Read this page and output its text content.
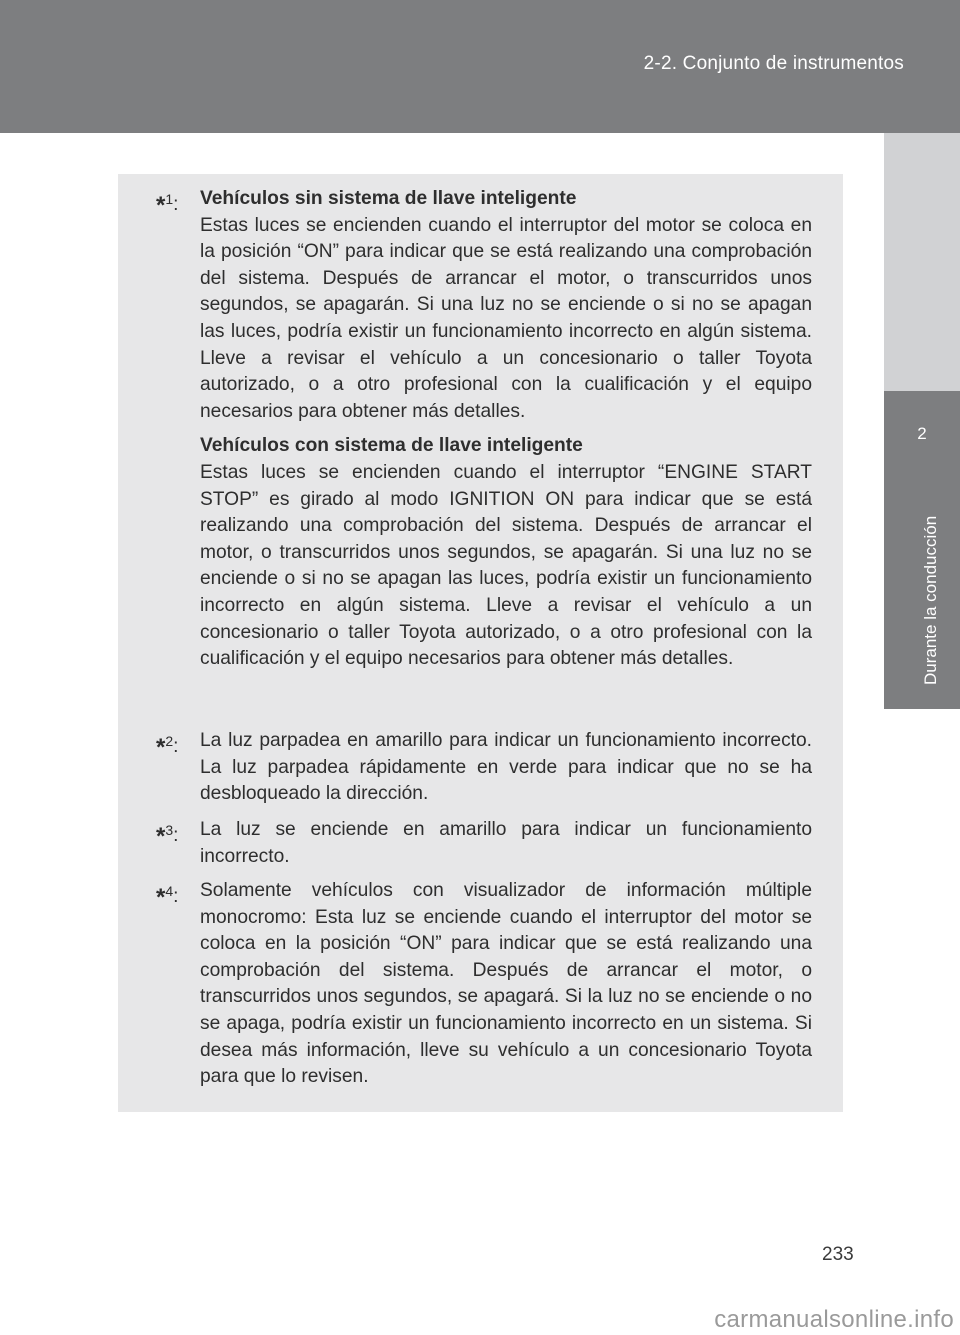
2-2. Conjunto de instrumentos
2
Durante la conducción
*$^1$: Vehículos sin sistema de llave inteligente

Estas luces se encienden cuando el interruptor del motor se coloca en la posición “ON” para indicar que se está realizando una comprobación del sistema. Después de arrancar el motor, o transcurridos unos segundos, se apagarán. Si una luz no se enciende o si no se apagan las luces, podría existir un funcionamiento incorrecto en algún sistema. Lleve a revisar el vehículo a un concesionario o taller Toyota autorizado, o a otro profesional con la cualificación y el equipo necesarios para obtener más detalles.

Vehículos con sistema de llave inteligente

Estas luces se encienden cuando el interruptor “ENGINE START STOP” es girado al modo IGNITION ON para indicar que se está realizando una comprobación del sistema. Después de arrancar el motor, o transcurridos unos segundos, se apagarán. Si una luz no se enciende o si no se apagan las luces, podría existir un funcionamiento incorrecto en algún sistema. Lleve a revisar el vehículo a un concesionario o taller Toyota autorizado, o a otro profesional con la cualificación y el equipo necesarios para obtener más detalles.

*$^2$: La luz parpadea en amarillo para indicar un funcionamiento incorrecto. La luz parpadea rápidamente en verde para indicar que no se ha desbloqueado la dirección.

*$^3$: La luz se enciende en amarillo para indicar un funcionamiento incorrecto.

*$^4$: Solamente vehículos con visualizador de información múltiple monocromo: Esta luz se enciende cuando el interruptor del motor se coloca en la posición “ON” para indicar que se está realizando una comprobación del sistema. Después de arrancar el motor, o transcurridos unos segundos, se apagará. Si la luz no se enciende o no se apaga, podría existir un funcionamiento incorrecto en un sistema. Si desea más información, lleve su vehículo a un concesionario Toyota para que lo revisen.

233
carmanualsonline.info
